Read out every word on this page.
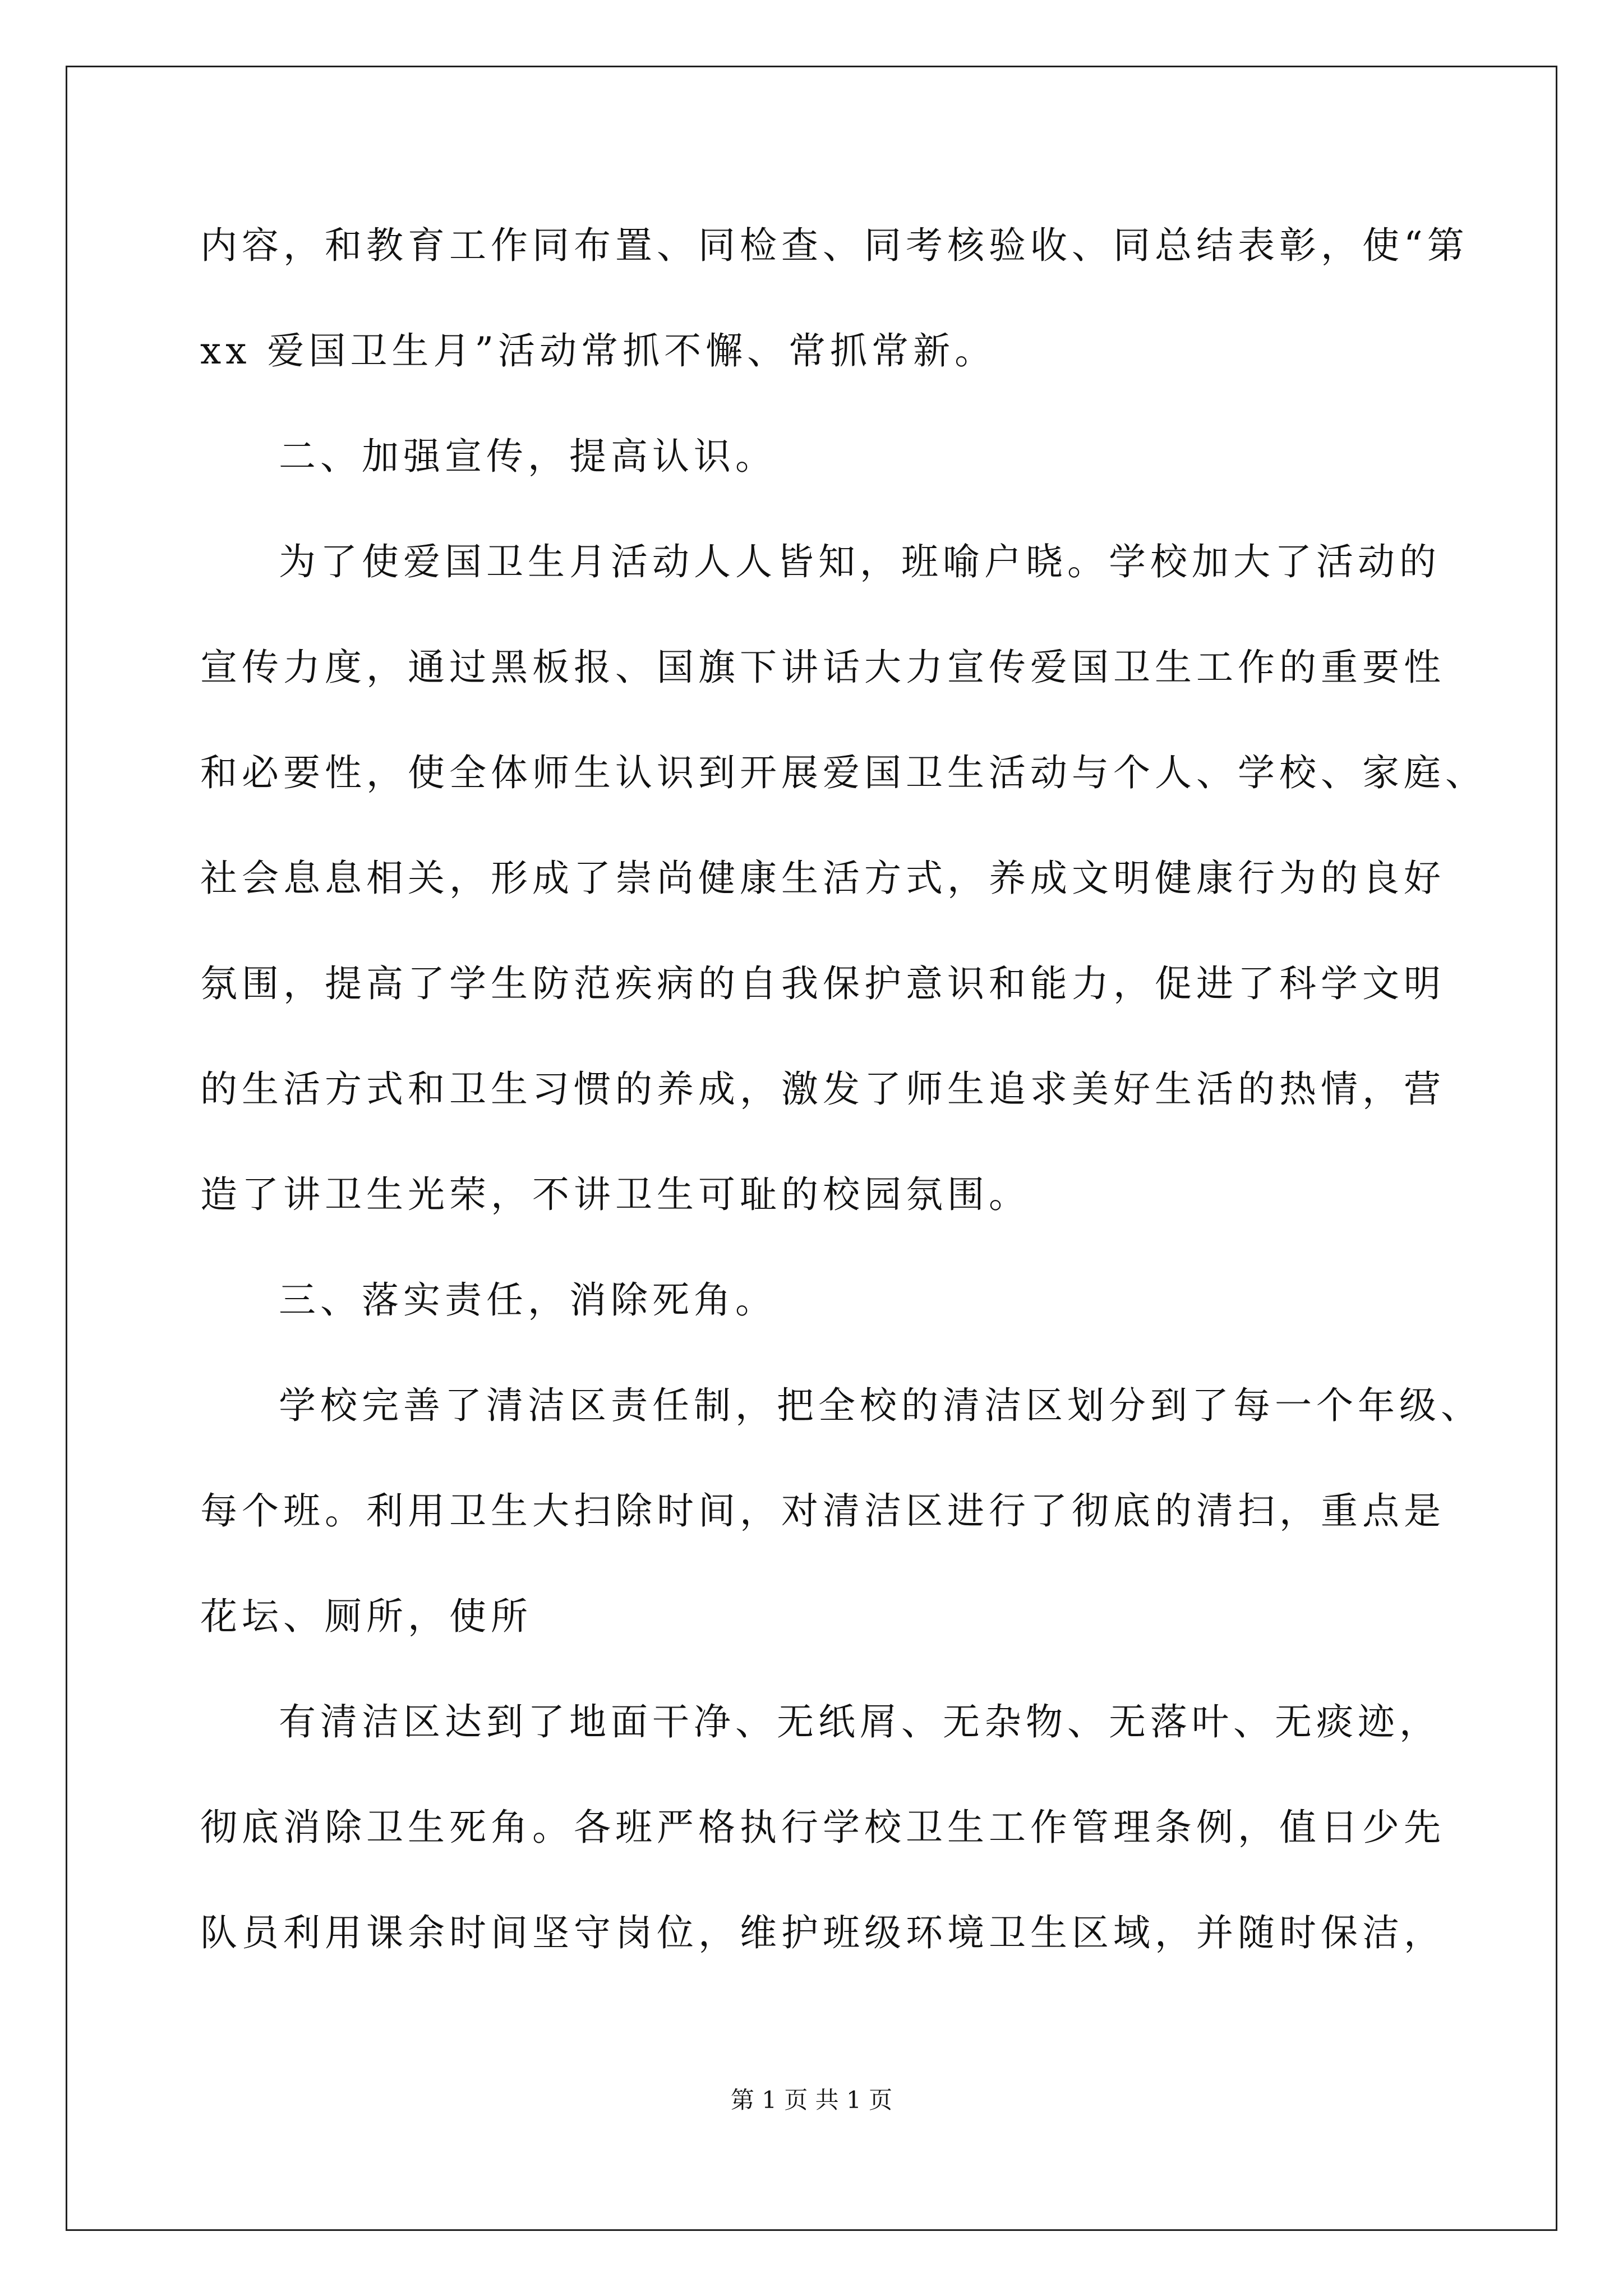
内容，和教育工作同布置、同检查、同考核验收、同总结表彰，使“第
xx 爱国卫生月”活动常抓不懈、常抓常新。
二、加强宣传，提高认识。
为了使爱国卫生月活动人人皆知，班喻户晓。学校加大了活动的
宣传力度，通过黑板报、国旗下讲话大力宣传爱国卫生工作的重要性
和必要性，使全体师生认识到开展爱国卫生活动与个人、学校、家庭、
社会息息相关，形成了崇尚健康生活方式，养成文明健康行为的良好
氛围，提高了学生防范疾病的自我保护意识和能力，促进了科学文明
的生活方式和卫生习惯的养成，激发了师生追求美好生活的热情，营
造了讲卫生光荣，不讲卫生可耻的校园氛围。
三、落实责任，消除死角。
学校完善了清洁区责任制，把全校的清洁区划分到了每一个年级、
每个班。利用卫生大扫除时间，对清洁区进行了彻底的清扫，重点是
花坛、厕所，使所
有清洁区达到了地面干净、无纸屑、无杂物、无落叶、无痰迹，
彻底消除卫生死角。各班严格执行学校卫生工作管理条例，值日少先
队员利用课余时间坚守岗位，维护班级环境卫生区域，并随时保洁，
第 1 页 共 1 页
